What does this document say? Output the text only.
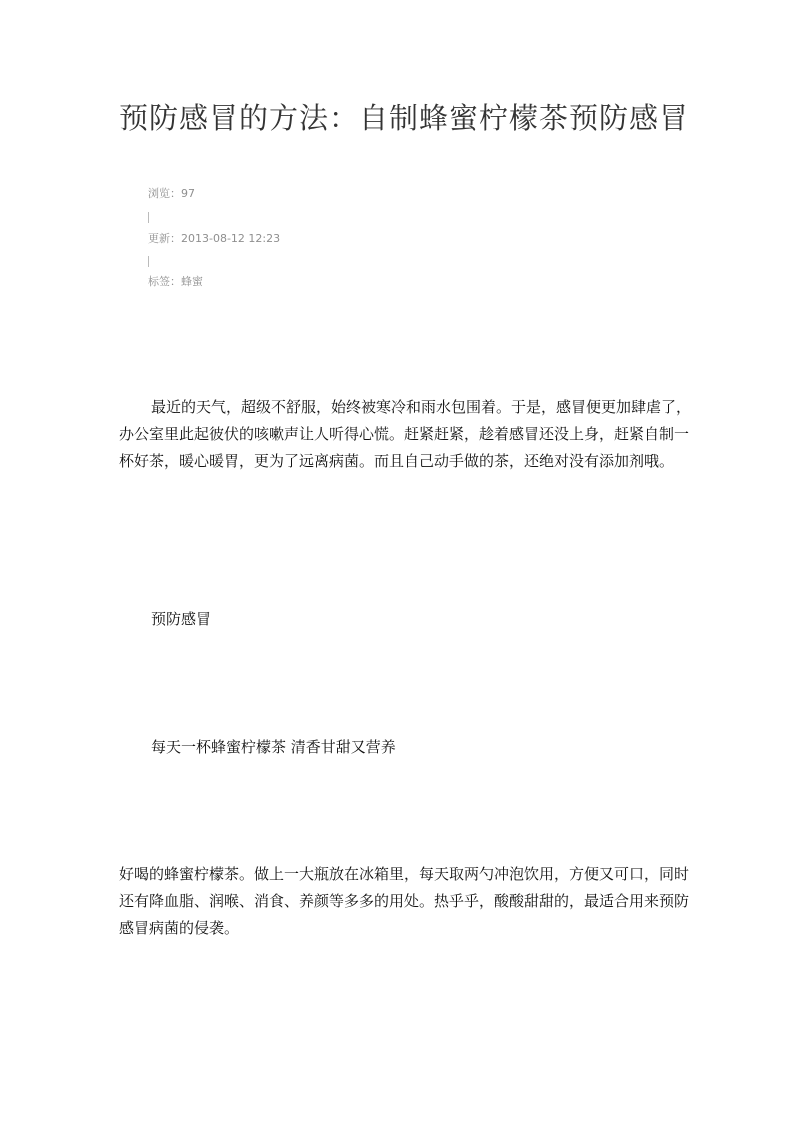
预防感冒的方法：自制蜂蜜柠檬茶预防感冒
浏览：97
更新：2013-08-12 12:23
标签：蜂蜜

最近的天气，超级不舒服，始终被寒冷和雨水包围着。于是，感冒便更加肆虐了，办公室里此起彼伏的咳嗽声让人听得心慌。赶紧赶紧，趁着感冒还没上身，赶紧自制一杯好茶，暖心暖胃，更为了远离病菌。而且自己动手做的茶，还绝对没有添加剂哦。

预防感冒
每天一杯蜂蜜柠檬茶 清香甘甜又营养

好喝的蜂蜜柠檬茶。做上一大瓶放在冰箱里，每天取两勺冲泡饮用，方便又可口，同时还有降血脂、润喉、消食、养颜等多多的用处。热乎乎，酸酸甜甜的，最适合用来预防感冒病菌的侵袭。
